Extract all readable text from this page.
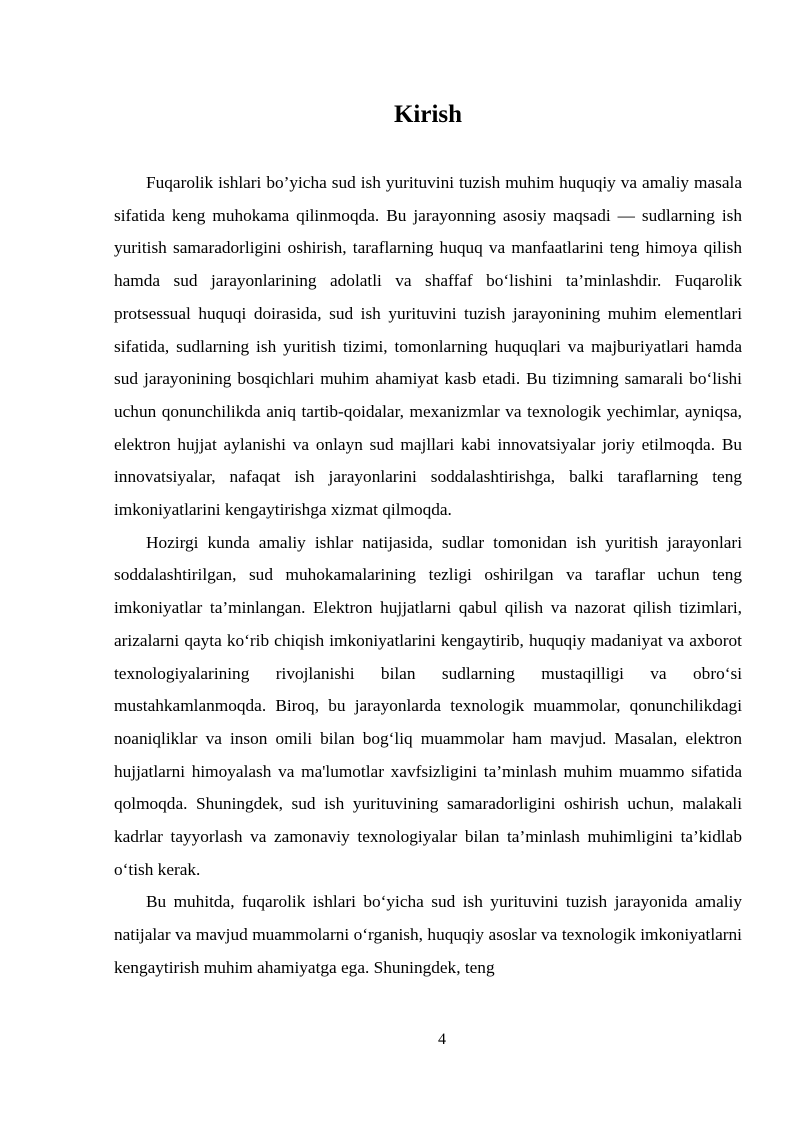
Kirish

Fuqarolik ishlari bo’yicha sud ish yurituvini tuzish muhim huquqiy va amaliy masala sifatida keng muhokama qilinmoqda. Bu jarayonning asosiy maqsadi — sudlarning ish yuritish samaradorligini oshirish, taraflarning huquq va manfaatlarini teng himoya qilish hamda sud jarayonlarining adolatli va shaffaf bo‘lishini ta’minlashdir. Fuqarolik protsessual huquqi doirasida, sud ish yurituvini tuzish jarayonining muhim elementlari sifatida, sudlarning ish yuritish tizimi, tomonlarning huquqlari va majburiyatlari hamda sud jarayonining bosqichlari muhim ahamiyat kasb etadi. Bu tizimning samarali bo‘lishi uchun qonunchilikda aniq tartib-qoidalar, mexanizmlar va texnologik yechimlar, ayniqsa, elektron hujjat aylanishi va onlayn sud majllari kabi innovatsiyalar joriy etilmoqda. Bu innovatsiyalar, nafaqat ish jarayonlarini soddalashtirishga, balki taraflarning teng imkoniyatlarini kengaytirishga xizmat qilmoqda.

Hozirgi kunda amaliy ishlar natijasida, sudlar tomonidan ish yuritish jarayonlari soddalashtirilgan, sud muhokamalarining tezligi oshirilgan va taraflar uchun teng imkoniyatlar ta’minlangan. Elektron hujjatlarni qabul qilish va nazorat qilish tizimlari, arizalarni qayta ko‘rib chiqish imkoniyatlarini kengaytirib, huquqiy madaniyat va axborot texnologiyalarining rivojlanishi bilan sudlarning mustaqilligi va obro‘si mustahkamlanmoqda. Biroq, bu jarayonlarda texnologik muammolar, qonunchilikdagi noaniqliklar va inson omili bilan bog‘liq muammolar ham mavjud. Masalan, elektron hujjatlarni himoyalash va ma'lumotlar xavfsizligini ta’minlash muhim muammo sifatida qolmoqda. Shuningdek, sud ish yurituvining samaradorligini oshirish uchun, malakali kadrlar tayyorlash va zamonaviy texnologiyalar bilan ta’minlash muhimligini ta’kidlab o‘tish kerak.

Bu muhitda, fuqarolik ishlari bo‘yicha sud ish yurituvini tuzish jarayonida amaliy natijalar va mavjud muammolarni o‘rganish, huquqiy asoslar va texnologik imkoniyatlarni kengaytirish muhim ahamiyatga ega. Shuningdek, teng

4
